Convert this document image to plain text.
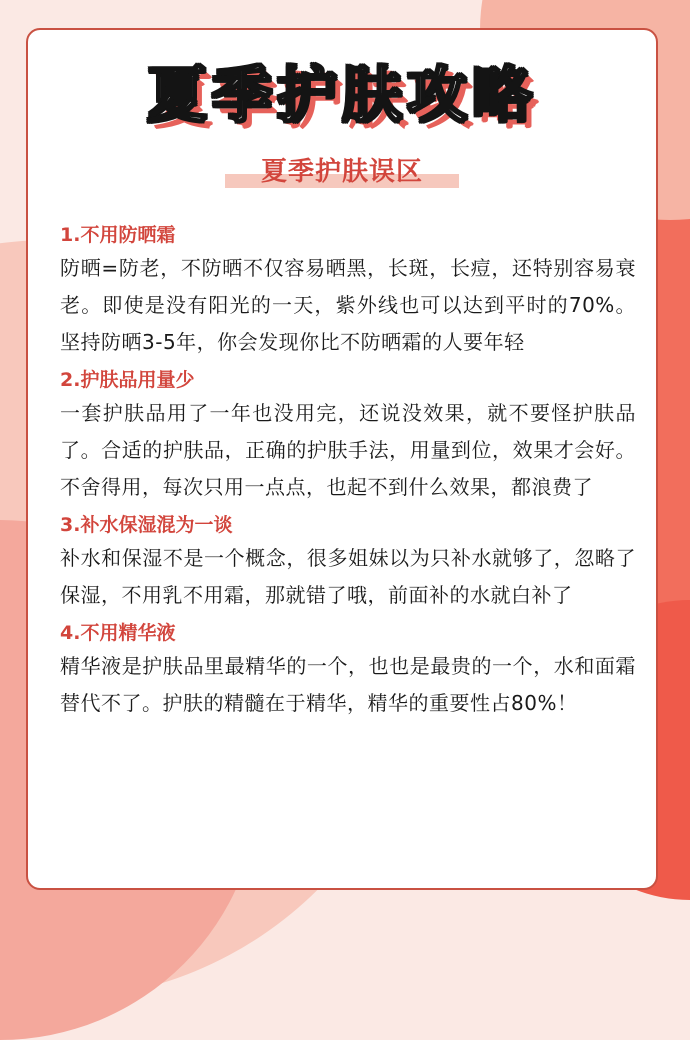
夏季护肤攻略
夏季护肤误区
1.不用防晒霜
防晒=防老，不防晒不仅容易晒黑，长斑，长痘，还特别容易衰老。即使是没有阳光的一天，紫外线也可以达到平时的70%。坚持防晒3-5年，你会发现你比不防晒霜的人要年轻
2.护肤品用量少
一套护肤品用了一年也没用完，还说没效果，就不要怪护肤品了。合适的护肤品，正确的护肤手法，用量到位，效果才会好。不舍得用，每次只用一点点，也起不到什么效果，都浪费了
3.补水保湿混为一谈
补水和保湿不是一个概念，很多姐妹以为只补水就够了，忽略了保湿，不用乳不用霜，那就错了哦，前面补的水就白补了
4.不用精华液
精华液是护肤品里最精华的一个，也也是最贵的一个，水和面霜替代不了。护肤的精髓在于精华，精华的重要性占80%！
